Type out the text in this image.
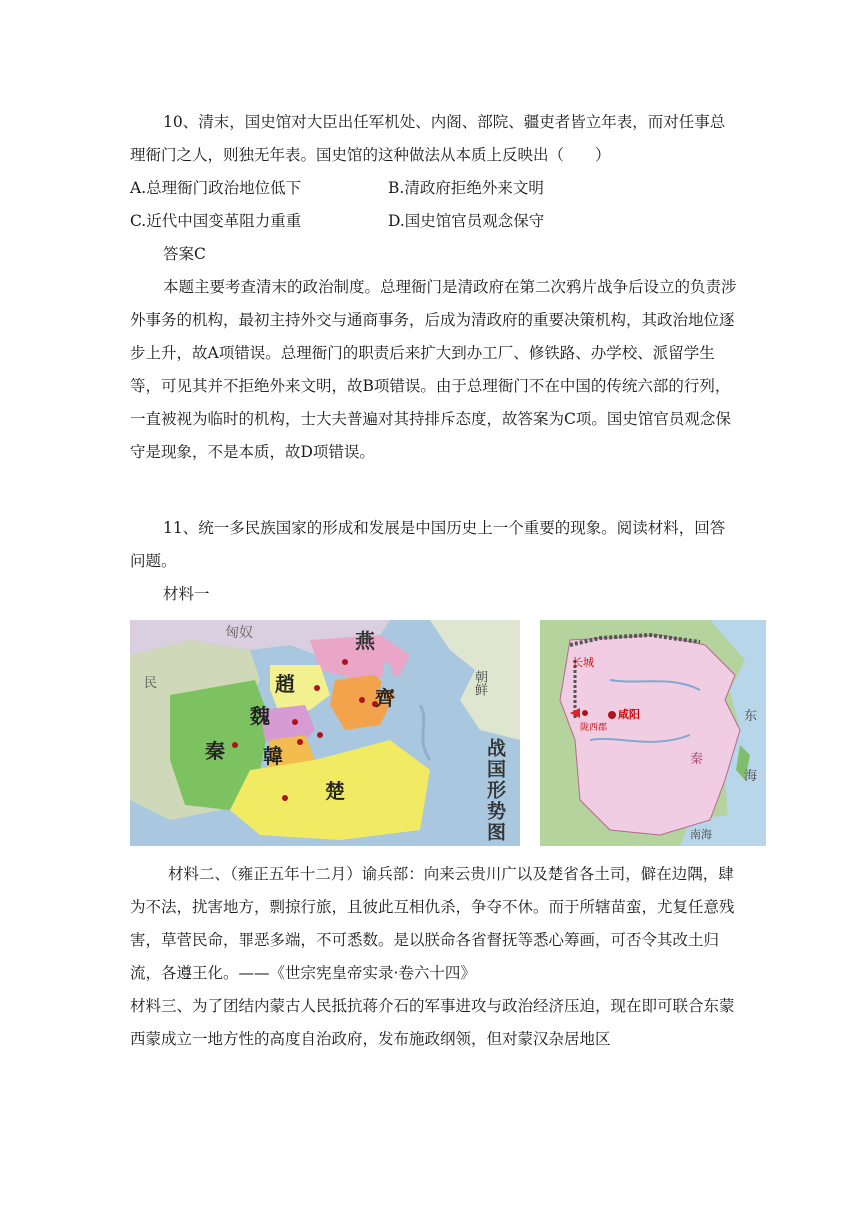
10、清末，国史馆对大臣出任军机处、内阁、部院、疆吏者皆立年表，而对任事总理衙门之人，则独无年表。国史馆的这种做法从本质上反映出（　　）

A.总理衙门政治地位低下	B.清政府拒绝外来文明
C.近代中国变革阻力重重	D.国史馆官员观念保守

答案C

本题主要考查清末的政治制度。总理衙门是清政府在第二次鸦片战争后设立的负责涉外事务的机构，最初主持外交与通商事务，后成为清政府的重要决策机构，其政治地位逐步上升，故A项错误。总理衙门的职责后来扩大到办工厂、修铁路、办学校、派留学生等，可见其并不拒绝外来文明，故B项错误。由于总理衙门不在中国的传统六部的行列，一直被视为临时的机构，士大夫普遍对其持排斥态度，故答案为C项。国史馆官员观念保守是现象，不是本质，故D项错误。

11、统一多民族国家的形成和发展是中国历史上一个重要的现象。阅读材料，回答问题。

材料一

匈奴	燕
趙
魏
齊
秦 韓
楚
朝鲜
民
战国形势图
长城
咸阳
陇西郡
东
海
秦
南海

材料二、（雍正五年十二月）谕兵部：向来云贵川广以及楚省各土司，僻在边隅，肆为不法，扰害地方，剽掠行旅，且彼此互相仇杀，争夺不休。而于所辖苗蛮，尤复任意残害，草菅民命，罪恶多端，不可悉数。是以朕命各省督抚等悉心筹画，可否令其改土归流，各遵王化。——《世宗宪皇帝实录·卷六十四》

材料三、为了团结内蒙古人民抵抗蒋介石的军事进攻与政治经济压迫，现在即可联合东蒙西蒙成立一地方性的高度自治政府，发布施政纲领，但对蒙汉杂居地区
